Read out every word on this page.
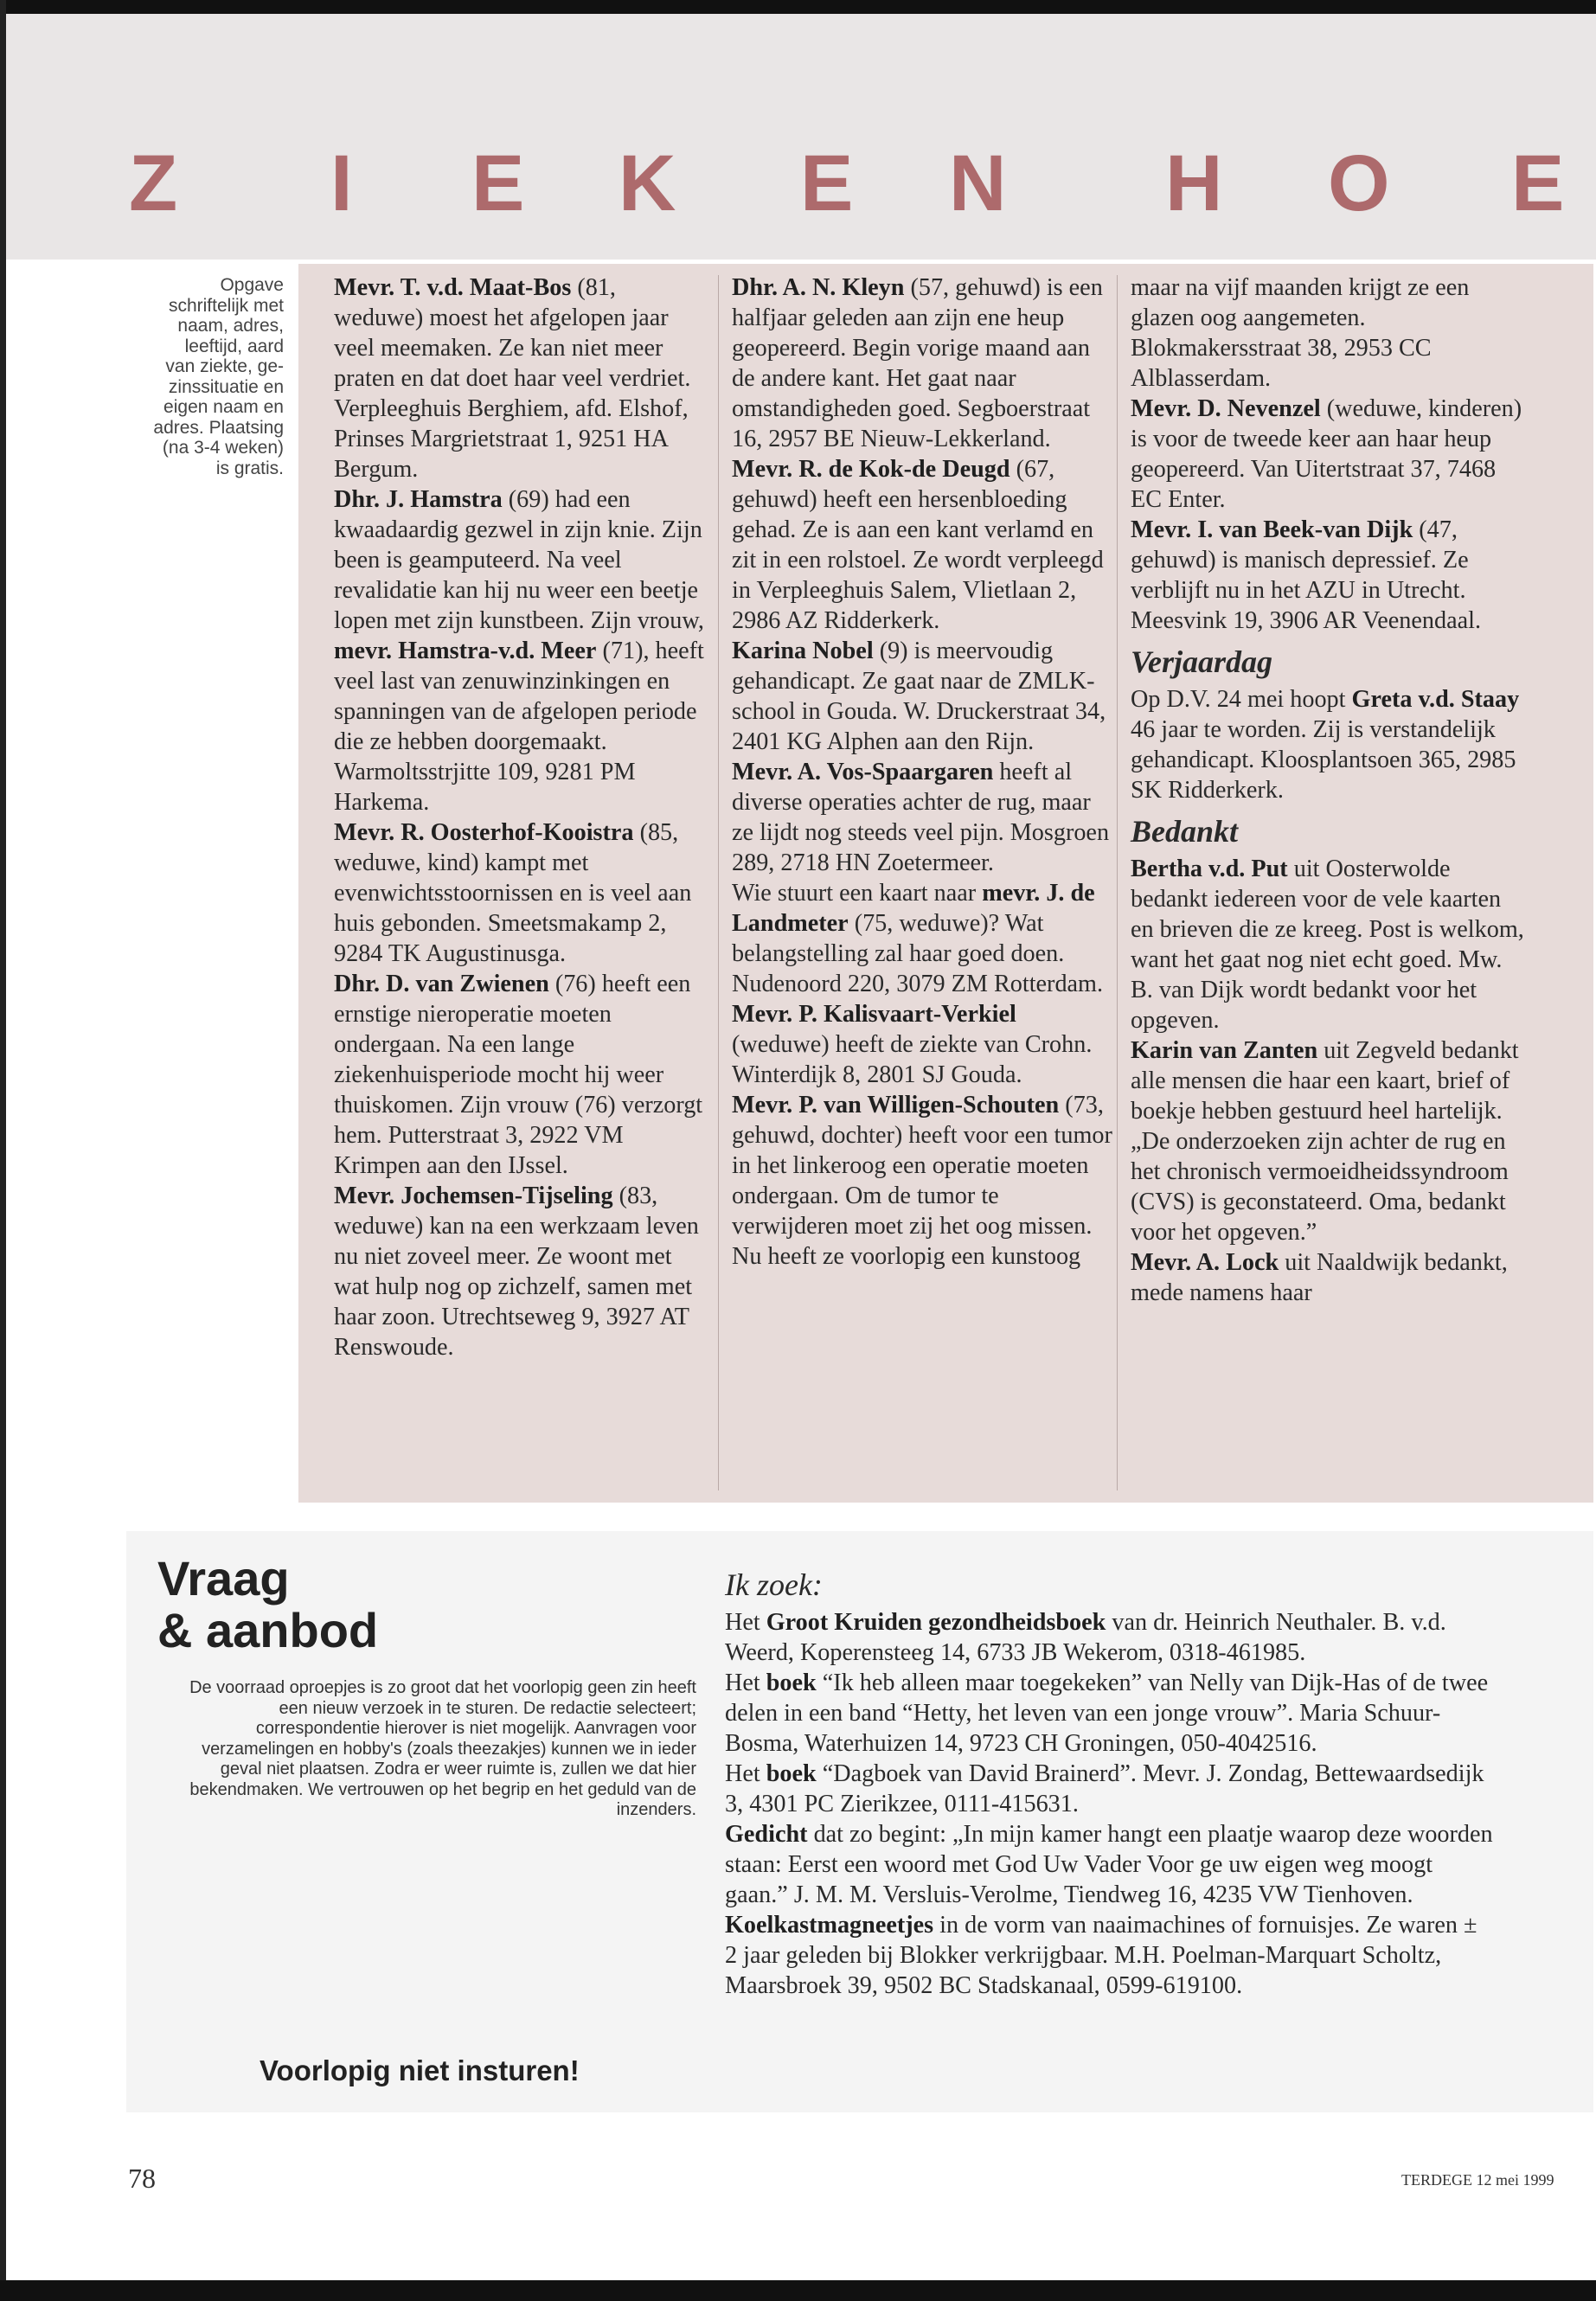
Z I E K E N H O E
Opgave
schriftelijk met
naam, adres,
leeftijd, aard
van ziekte, ge-
zinssituatie en
eigen naam en
adres. Plaatsing
(na 3-4 weken)
is gratis.

Mevr. T. v.d. Maat-Bos (81, weduwe) moest het afgelopen jaar veel meemaken. Ze kan niet meer praten en dat doet haar veel verdriet. Verpleeghuis Berghiem, afd. Elshof, Prinses Margrietstraat 1, 9251 HA Bergum.

Dhr. J. Hamstra (69) had een kwaadaardig gezwel in zijn knie. Zijn been is geamputeerd. Na veel revalidatie kan hij nu weer een beetje lopen met zijn kunstbeen. Zijn vrouw, mevr. Hamstra-v.d. Meer (71), heeft veel last van zenuwinzinkingen en spanningen van de afgelopen periode die ze hebben doorgemaakt. Warmoltsstrjitte 109, 9281 PM Harkema.

Mevr. R. Oosterhof-Kooistra (85, weduwe, kind) kampt met evenwichtsstoornissen en is veel aan huis gebonden. Smeetsmakamp 2, 9284 TK Augustinusga.

Dhr. D. van Zwienen (76) heeft een ernstige nieroperatie moeten ondergaan. Na een lange ziekenhuisperiode mocht hij weer thuiskomen. Zijn vrouw (76) verzorgt hem. Putterstraat 3, 2922 VM Krimpen aan den IJssel.

Mevr. Jochemsen-Tijseling (83, weduwe) kan na een werkzaam leven nu niet zoveel meer. Ze woont met wat hulp nog op zichzelf, samen met haar zoon. Utrechtseweg 9, 3927 AT Renswoude.

Dhr. A. N. Kleyn (57, gehuwd) is een halfjaar geleden aan zijn ene heup geopereerd. Begin vorige maand aan de andere kant. Het gaat naar omstandigheden goed. Segboerstraat 16, 2957 BE Nieuw-Lekkerland.

Mevr. R. de Kok-de Deugd (67, gehuwd) heeft een hersenbloeding gehad. Ze is aan een kant verlamd en zit in een rolstoel. Ze wordt verpleegd in Verpleeghuis Salem, Vlietlaan 2, 2986 AZ Ridderkerk.

Karina Nobel (9) is meervoudig gehandicapt. Ze gaat naar de ZMLK-school in Gouda. W. Druckerstraat 34, 2401 KG Alphen aan den Rijn.

Mevr. A. Vos-Spaargaren heeft al diverse operaties achter de rug, maar ze lijdt nog steeds veel pijn. Mosgroen 289, 2718 HN Zoetermeer.

Wie stuurt een kaart naar mevr. J. de Landmeter (75, weduwe)? Wat belangstelling zal haar goed doen. Nudenoord 220, 3079 ZM Rotterdam.

Mevr. P. Kalisvaart-Verkiel (weduwe) heeft de ziekte van Crohn. Winterdijk 8, 2801 SJ Gouda.

Mevr. P. van Willigen-Schouten (73, gehuwd, dochter) heeft voor een tumor in het linkeroog een operatie moeten ondergaan. Om de tumor te verwijderen moet zij het oog missen. Nu heeft ze voorlopig een kunstoog

maar na vijf maanden krijgt ze een glazen oog aangemeten. Blokmakersstraat 38, 2953 CC Alblasserdam.

Mevr. D. Nevenzel (weduwe, kinderen) is voor de tweede keer aan haar heup geopereerd. Van Uitertstraat 37, 7468 EC Enter.

Mevr. I. van Beek-van Dijk (47, gehuwd) is manisch depressief. Ze verblijft nu in het AZU in Utrecht. Meesvink 19, 3906 AR Veenendaal.

Verjaardag

Op D.V. 24 mei hoopt Greta v.d. Staay 46 jaar te worden. Zij is verstandelijk gehandicapt. Kloosplantsoen 365, 2985 SK Ridderkerk.

Bedankt

Bertha v.d. Put uit Oosterwolde bedankt iedereen voor de vele kaarten en brieven die ze kreeg. Post is welkom, want het gaat nog niet echt goed. Mw. B. van Dijk wordt bedankt voor het opgeven.

Karin van Zanten uit Zegveld bedankt alle mensen die haar een kaart, brief of boekje hebben gestuurd heel hartelijk. „De onderzoeken zijn achter de rug en het chronisch vermoeidheidssyndroom (CVS) is geconstateerd. Oma, bedankt voor het opgeven.”

Mevr. A. Lock uit Naaldwijk bedankt, mede namens haar

Vraag
& aanbod
De voorraad oproepjes is zo groot dat het voorlopig geen zin heeft een nieuw verzoek in te sturen. De redactie selecteert; correspondentie hierover is niet mogelijk. Aanvragen voor verzamelingen en hobby's (zoals theezakjes) kunnen we in ieder geval niet plaatsen. Zodra er weer ruimte is, zullen we dat hier bekendmaken. We vertrouwen op het begrip en het geduld van de inzenders.
Voorlopig niet insturen!
Ik zoek:

Het Groot Kruiden gezondheidsboek van dr. Heinrich Neuthaler. B. v.d. Weerd, Koperensteeg 14, 6733 JB Wekerom, 0318-461985.

Het boek “Ik heb alleen maar toegekeken” van Nelly van Dijk-Has of de twee delen in een band “Hetty, het leven van een jonge vrouw”. Maria Schuur-Bosma, Waterhuizen 14, 9723 CH Groningen, 050-4042516.

Het boek “Dagboek van David Brainerd”. Mevr. J. Zondag, Bettewaardsedijk 3, 4301 PC Zierikzee, 0111-415631.

Gedicht dat zo begint: „In mijn kamer hangt een plaatje waarop deze woorden staan: Eerst een woord met God Uw Vader Voor ge uw eigen weg moogt gaan.” J. M. M. Versluis-Verolme, Tiendweg 16, 4235 VW Tienhoven.

Koelkastmagneetjes in de vorm van naaimachines of fornuisjes. Ze waren ± 2 jaar geleden bij Blokker verkrijgbaar. M.H. Poelman-Marquart Scholtz, Maarsbroek 39, 9502 BC Stadskanaal, 0599-619100.

78	TERDEGE 12 mei 1999
